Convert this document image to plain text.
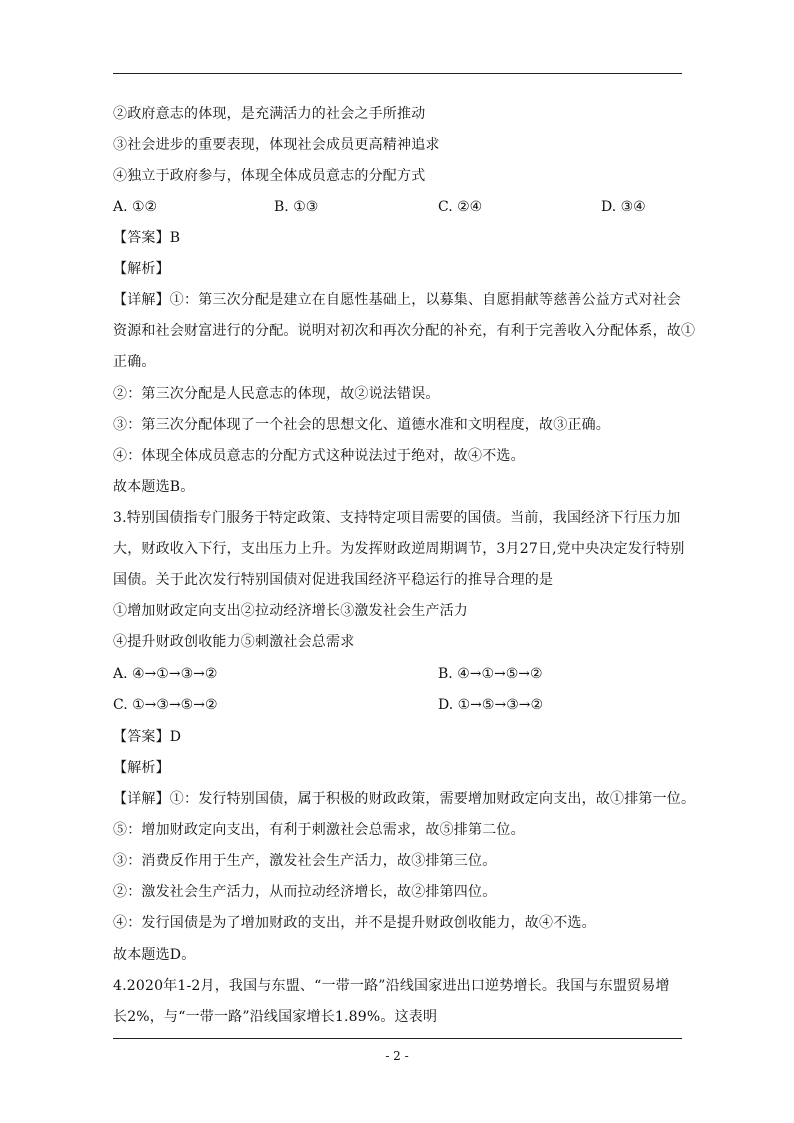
②政府意志的体现，是充满活力的社会之手所推动
③社会进步的重要表现，体现社会成员更高精神追求
④独立于政府参与，体现全体成员意志的分配方式
A. ①②	B. ①③	C. ②④	D. ③④
【答案】B
【解析】
【详解】①：第三次分配是建立在自愿性基础上，以募集、自愿捐献等慈善公益方式对社会
资源和社会财富进行的分配。说明对初次和再次分配的补充，有利于完善收入分配体系，故①
正确。
②：第三次分配是人民意志的体现，故②说法错误。
③：第三次分配体现了一个社会的思想文化、道德水准和文明程度，故③正确。
④：体现全体成员意志的分配方式这种说法过于绝对，故④不选。
故本题选B。
3.特别国债指专门服务于特定政策、支持特定项目需要的国债。当前，我国经济下行压力加
大，财政收入下行，支出压力上升。为发挥财政逆周期调节，3月27日,党中央决定发行特别
国债。关于此次发行特别国债对促进我国经济平稳运行的推导合理的是
①增加财政定向支出②拉动经济增长③激发社会生产活力
④提升财政创收能力⑤刺激社会总需求
A. ④→①→③→②	B. ④→①→⑤→②
C. ①→③→⑤→②	D. ①→⑤→③→②
【答案】D
【解析】
【详解】①：发行特别国债，属于积极的财政政策，需要增加财政定向支出，故①排第一位。
⑤：增加财政定向支出，有利于刺激社会总需求，故⑤排第二位。
③：消费反作用于生产，激发社会生产活力，故③排第三位。
②：激发社会生产活力，从而拉动经济增长，故②排第四位。
④：发行国债是为了增加财政的支出，并不是提升财政创收能力，故④不选。
故本题选D。
4.2020年1-2月，我国与东盟、“一带一路”沿线国家进出口逆势增长。我国与东盟贸易增
长2%，与“一带一路”沿线国家增长1.89%。这表明
- 2 -
